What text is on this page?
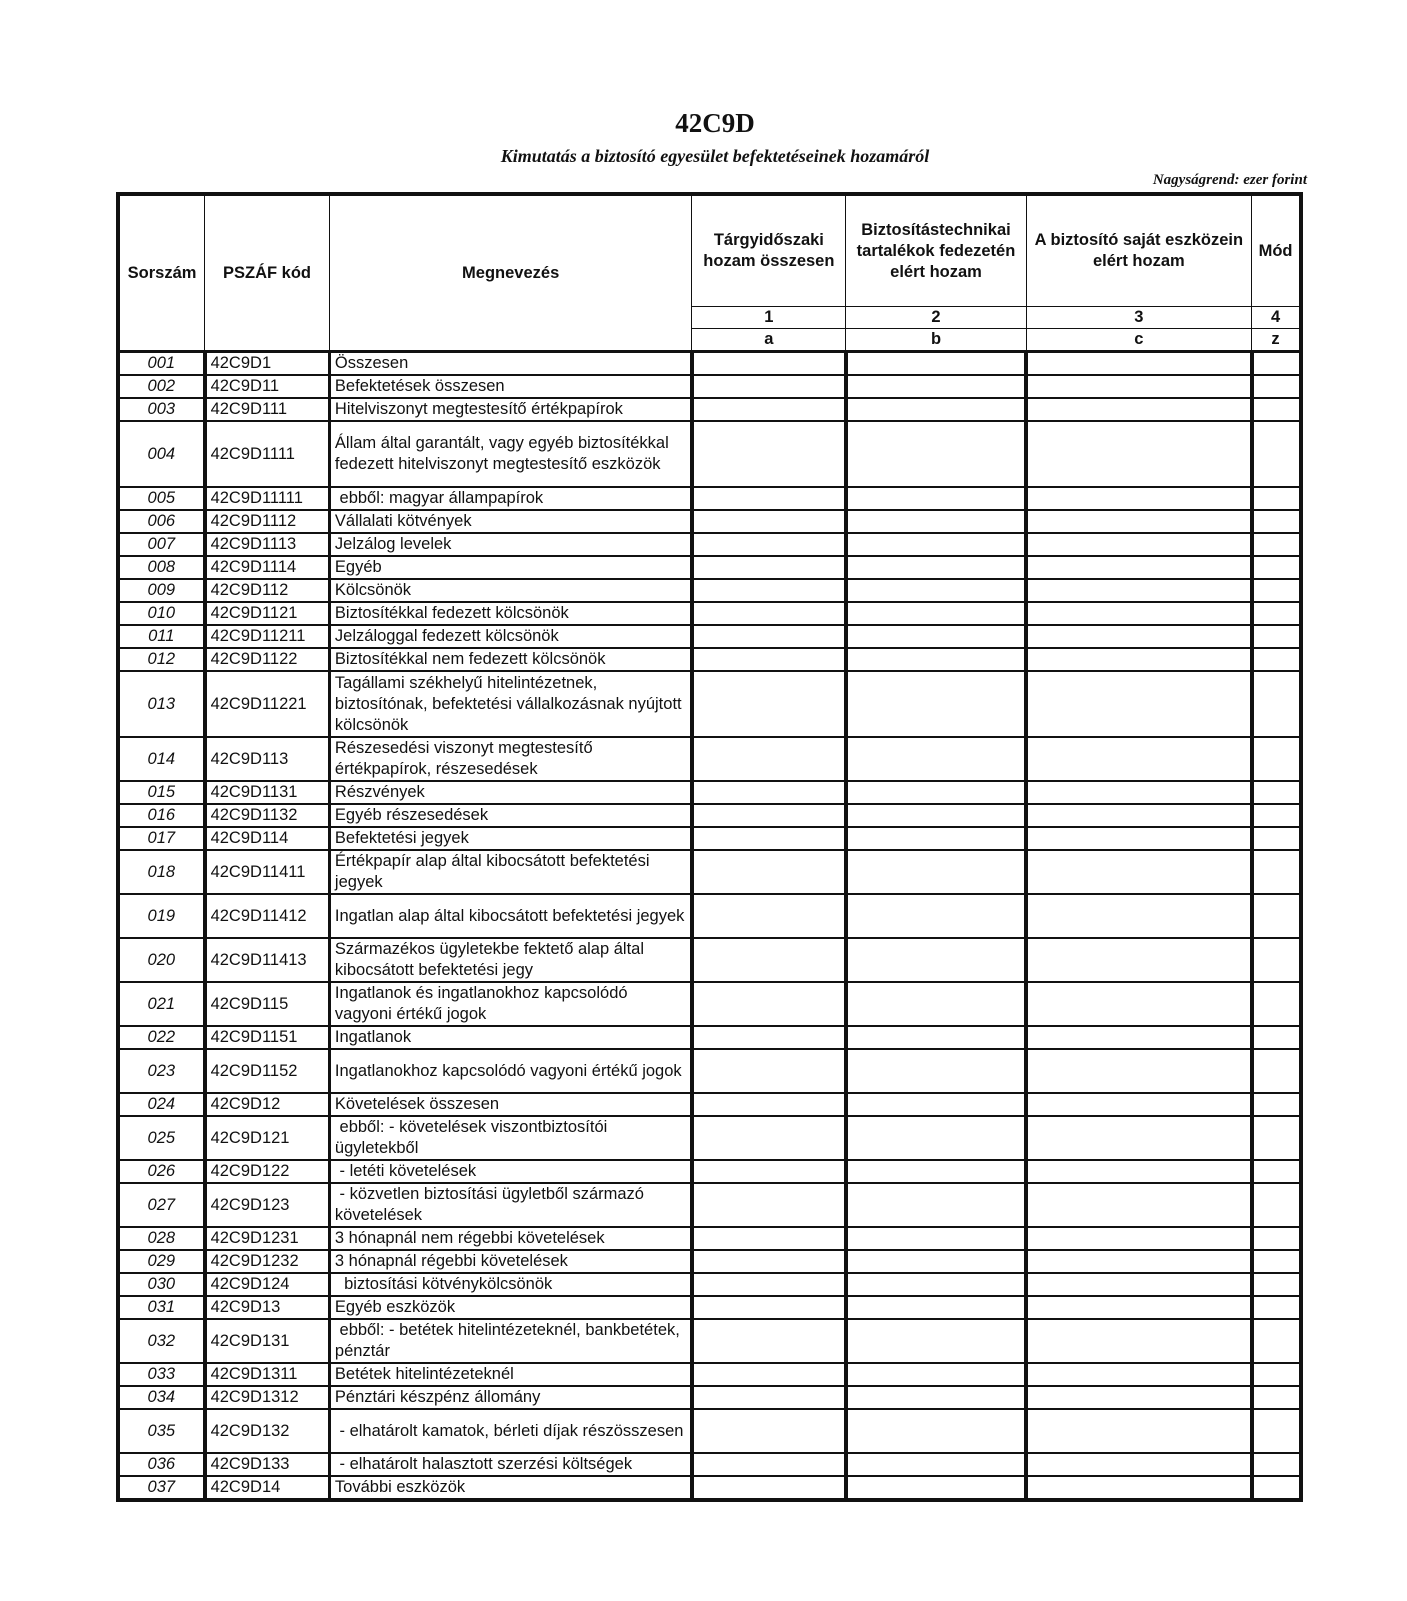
42C9D
Kimutatás a biztosító egyesület befektetéseinek hozamáról
Nagyságrend: ezer forint
Sorszám	PSZÁF kód	Megnevezés	Tárgyidőszaki hozam összesen	Biztosítástechnikai tartalékok fedezetén elért hozam	A biztosító saját eszközein elért hozam	Mód
			1	2	3	4
			a	b	c	z
001	42C9D1	Összesen				
002	42C9D11	Befektetések összesen				
003	42C9D111	Hitelviszonyt megtestesítő értékpapírok				
004	42C9D1111	Állam által garantált, vagy egyéb biztosítékkal fedezett hitelviszonyt megtestesítő eszközök				
005	42C9D11111	ebből: magyar állampapírok				
006	42C9D1112	Vállalati kötvények				
007	42C9D1113	Jelzálog levelek				
008	42C9D1114	Egyéb				
009	42C9D112	Kölcsönök				
010	42C9D1121	Biztosítékkal fedezett kölcsönök				
011	42C9D11211	Jelzáloggal fedezett kölcsönök				
012	42C9D1122	Biztosítékkal nem fedezett kölcsönök				
013	42C9D11221	Tagállami székhelyű hitelintézetnek, biztosítónak, befektetési vállalkozásnak nyújtott kölcsönök				
014	42C9D113	Részesedési viszonyt megtestesítő értékpapírok, részesedések				
015	42C9D1131	Részvények				
016	42C9D1132	Egyéb részesedések				
017	42C9D114	Befektetési jegyek				
018	42C9D11411	Értékpapír alap által kibocsátott befektetési jegyek				
019	42C9D11412	Ingatlan alap által kibocsátott befektetési jegyek				
020	42C9D11413	Származékos ügyletekbe fektető alap által kibocsátott befektetési jegy				
021	42C9D115	Ingatlanok és ingatlanokhoz kapcsolódó vagyoni értékű jogok				
022	42C9D1151	Ingatlanok				
023	42C9D1152	Ingatlanokhoz kapcsolódó vagyoni értékű jogok				
024	42C9D12	Követelések összesen				
025	42C9D121	ebből: - követelések viszontbiztosítói ügyletekből				
026	42C9D122	- letéti követelések				
027	42C9D123	- közvetlen biztosítási ügyletből származó követelések				
028	42C9D1231	3 hónapnál nem régebbi követelések				
029	42C9D1232	3 hónapnál régebbi követelések				
030	42C9D124	biztosítási kötvénykölcsönök				
031	42C9D13	Egyéb eszközök				
032	42C9D131	ebből: - betétek hitelintézeteknél, bankbetétek, pénztár				
033	42C9D1311	Betétek hitelintézeteknél				
034	42C9D1312	Pénztári készpénz állomány				
035	42C9D132	- elhatárolt kamatok, bérleti díjak részösszesen				
036	42C9D133	- elhatárolt halasztott szerzési költségek				
037	42C9D14	További eszközök				
